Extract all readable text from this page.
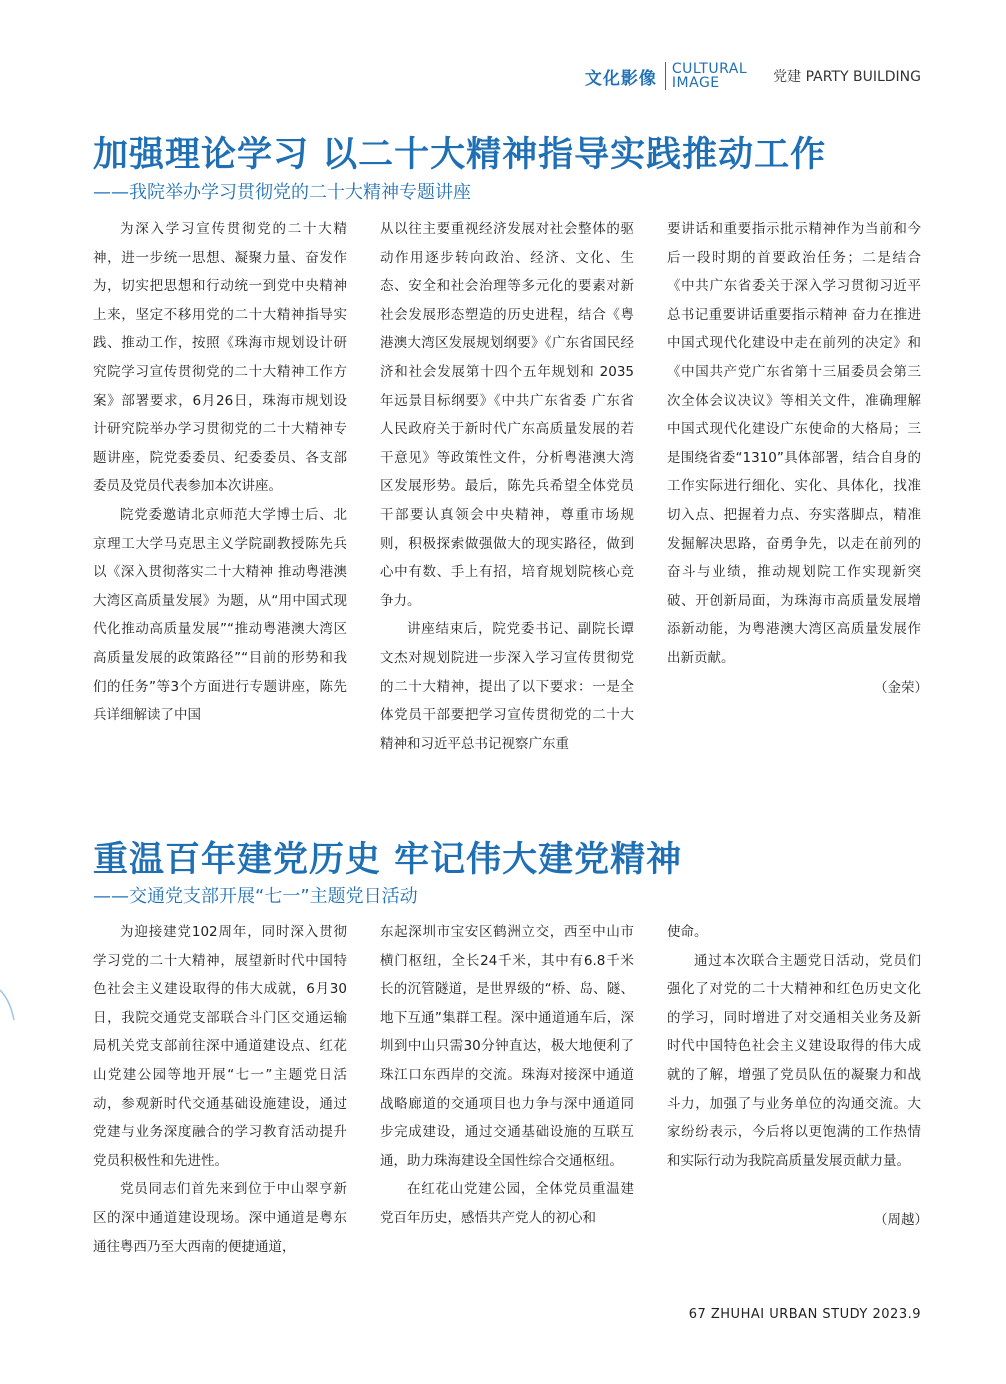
文化影像 CULTURAL
IMAGE	党建 PARTY BUILDING
加强理论学习 以二十大精神指导实践推动工作
——我院举办学习贯彻党的二十大精神专题讲座

为深入学习宣传贯彻党的二十大精神，进一步统一思想、凝聚力量、奋发作为，切实把思想和行动统一到党中央精神上来，坚定不移用党的二十大精神指导实践、推动工作，按照《珠海市规划设计研究院学习宣传贯彻党的二十大精神工作方案》部署要求，6月26日，珠海市规划设计研究院举办学习贯彻党的二十大精神专题讲座，院党委委员、纪委委员、各支部委员及党员代表参加本次讲座。

院党委邀请北京师范大学博士后、北京理工大学马克思主义学院副教授陈先兵以《深入贯彻落实二十大精神 推动粤港澳大湾区高质量发展》为题，从“用中国式现代化推动高质量发展”“推动粤港澳大湾区高质量发展的政策路径”“目前的形势和我们的任务”等3个方面进行专题讲座，陈先兵详细解读了中国

从以往主要重视经济发展对社会整体的驱动作用逐步转向政治、经济、文化、生态、安全和社会治理等多元化的要素对新社会发展形态塑造的历史进程，结合《粤港澳大湾区发展规划纲要》《广东省国民经济和社会发展第十四个五年规划和 2035 年远景目标纲要》《中共广东省委 广东省人民政府关于新时代广东高质量发展的若干意见》等政策性文件，分析粤港澳大湾区发展形势。最后，陈先兵希望全体党员干部要认真领会中央精神，尊重市场规则，积极探索做强做大的现实路径，做到心中有数、手上有招，培育规划院核心竞争力。

讲座结束后，院党委书记、副院长谭文杰对规划院进一步深入学习宣传贯彻党的二十大精神，提出了以下要求：一是全体党员干部要把学习宣传贯彻党的二十大精神和习近平总书记视察广东重

要讲话和重要指示批示精神作为当前和今后一段时期的首要政治任务；二是结合《中共广东省委关于深入学习贯彻习近平总书记重要讲话重要指示精神 奋力在推进中国式现代化建设中走在前列的决定》和《中国共产党广东省第十三届委员会第三次全体会议决议》等相关文件，准确理解中国式现代化建设广东使命的大格局；三是围绕省委“1310”具体部署，结合自身的工作实际进行细化、实化、具体化，找准切入点、把握着力点、夯实落脚点，精准发掘解决思路，奋勇争先，以走在前列的奋斗与业绩，推动规划院工作实现新突破、开创新局面，为珠海市高质量发展增添新动能，为粤港澳大湾区高质量发展作出新贡献。

（金荣）
重温百年建党历史 牢记伟大建党精神
——交通党支部开展“七一”主题党日活动

为迎接建党102周年，同时深入贯彻学习党的二十大精神，展望新时代中国特色社会主义建设取得的伟大成就，6月30日，我院交通党支部联合斗门区交通运输局机关党支部前往深中通道建设点、红花山党建公园等地开展“七一”主题党日活动，参观新时代交通基础设施建设，通过党建与业务深度融合的学习教育活动提升党员积极性和先进性。

党员同志们首先来到位于中山翠亨新区的深中通道建设现场。深中通道是粤东通往粤西乃至大西南的便捷通道，

东起深圳市宝安区鹤洲立交，西至中山市横门枢纽，全长24千米，其中有6.8千米长的沉管隧道，是世界级的“桥、岛、隧、地下互通”集群工程。深中通道通车后，深圳到中山只需30分钟直达，极大地便利了珠江口东西岸的交流。珠海对接深中通道战略廊道的交通项目也力争与深中通道同步完成建设，通过交通基础设施的互联互通，助力珠海建设全国性综合交通枢纽。

在红花山党建公园，全体党员重温建党百年历史，感悟共产党人的初心和

使命。

通过本次联合主题党日活动，党员们强化了对党的二十大精神和红色历史文化的学习，同时增进了对交通相关业务及新时代中国特色社会主义建设取得的伟大成就的了解，增强了党员队伍的凝聚力和战斗力，加强了与业务单位的沟通交流。大家纷纷表示，今后将以更饱满的工作热情和实际行动为我院高质量发展贡献力量。

（周越）
67 ZHUHAI URBAN STUDY 2023.9
